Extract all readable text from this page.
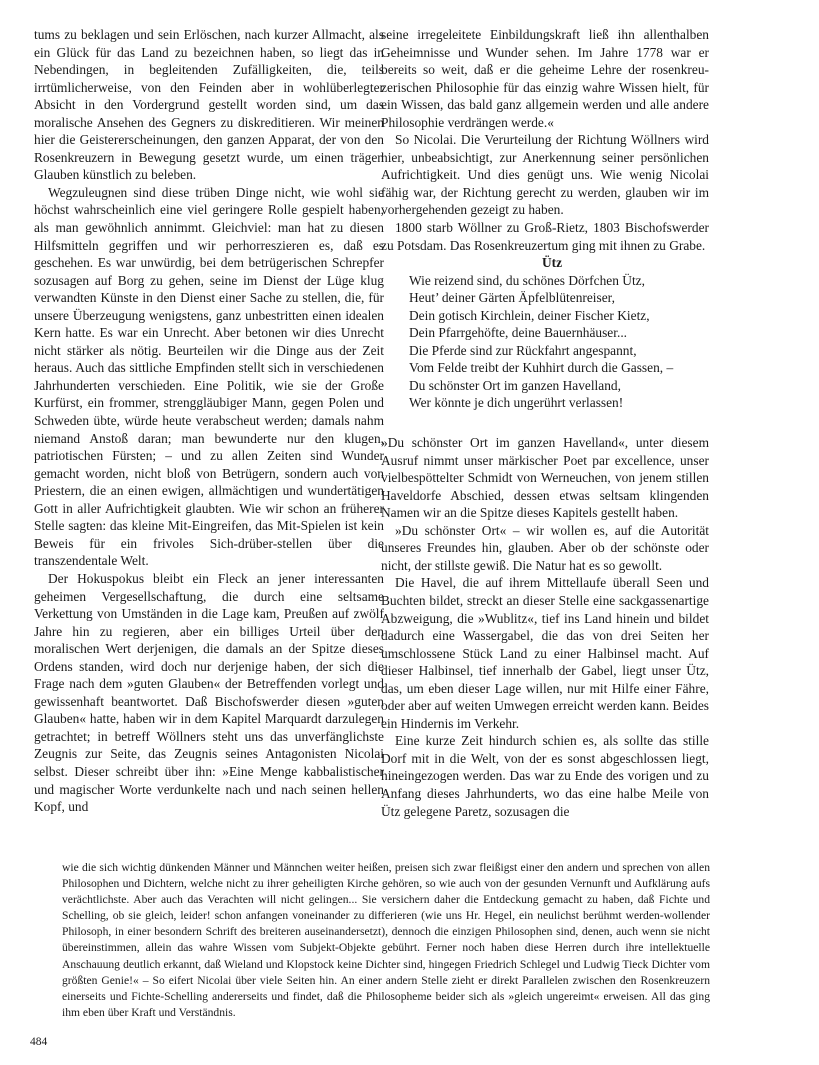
tums zu beklagen und sein Erlöschen, nach kurzer Allmacht, als ein Glück für das Land zu bezeichnen haben, so liegt das in Nebendingen, in begleitenden Zufälligkeiten, die, teils irrtümlicherweise, von den Feinden aber in wohlüberlegter Absicht in den Vordergrund gestellt worden sind, um das moralische Ansehen des Gegners zu diskreditieren. Wir meinen hier die Geistererscheinungen, den ganzen Apparat, der von den Rosenkreuzern in Bewegung gesetzt wurde, um einen trägen Glauben künstlich zu beleben.

Wegzuleugnen sind diese trüben Dinge nicht, wie wohl sie höchst wahrscheinlich eine viel geringere Rolle gespielt haben, als man gewöhnlich annimmt. Gleichviel: man hat zu diesen Hilfsmitteln gegriffen und wir perhorreszieren es, daß es geschehen. Es war unwürdig, bei dem betrügerischen Schrepfer sozusagen auf Borg zu gehen, seine im Dienst der Lüge klug verwandten Künste in den Dienst einer Sache zu stellen, die, für unsere Überzeugung wenigstens, ganz unbestritten einen idealen Kern hatte. Es war ein Unrecht. Aber betonen wir dies Unrecht nicht stärker als nötig. Beurteilen wir die Dinge aus der Zeit heraus. Auch das sittliche Empfinden stellt sich in verschiedenen Jahrhunderten verschieden. Eine Politik, wie sie der Große Kurfürst, ein frommer, strenggläubiger Mann, gegen Polen und Schweden übte, würde heute verabscheut werden; damals nahm niemand Anstoß daran; man bewunderte nur den klugen, patriotischen Fürsten; – und zu allen Zeiten sind Wunder gemacht worden, nicht bloß von Betrügern, sondern auch von Priestern, die an einen ewigen, allmächtigen und wundertätigen Gott in aller Aufrichtigkeit glaubten. Wie wir schon an früherer Stelle sagten: das kleine Mit-Eingreifen, das Mit-Spielen ist kein Beweis für ein frivoles Sich-drüber-stellen über die transzendentale Welt.

Der Hokuspokus bleibt ein Fleck an jener interessanten geheimen Vergesellschaftung, die durch eine seltsame Verkettung von Umständen in die Lage kam, Preußen auf zwölf Jahre hin zu regieren, aber ein billiges Urteil über den moralischen Wert derjenigen, die damals an der Spitze dieses Ordens standen, wird doch nur derjenige haben, der sich die Frage nach dem »guten Glauben« der Betreffenden vorlegt und gewissenhaft beantwortet. Daß Bischofswerder diesen »guten Glauben« hatte, haben wir in dem Kapitel Marquardt darzulegen getrachtet; in betreff Wöllners steht uns das unverfänglichste Zeugnis zur Seite, das Zeugnis seines Antagonisten Nicolai selbst. Dieser schreibt über ihn: »Eine Menge kabbalistischer und magischer Worte verdunkelte nach und nach seinen hellen Kopf, und

seine irregeleitete Einbildungskraft ließ ihn allenthalben Geheimnisse und Wunder sehen. Im Jahre 1778 war er bereits so weit, daß er die geheime Lehre der rosenkreuzerischen Philosophie für das einzig wahre Wissen hielt, für ein Wissen, das bald ganz allgemein werden und alle andere Philosophie verdrängen werde.«

So Nicolai. Die Verurteilung der Richtung Wöllners wird hier, unbeabsichtigt, zur Anerkennung seiner persönlichen Aufrichtigkeit. Und dies genügt uns. Wie wenig Nicolai fähig war, der Richtung gerecht zu werden, glauben wir im vorhergehenden gezeigt zu haben.

1800 starb Wöllner zu Groß-Rietz, 1803 Bischofswerder zu Potsdam. Das Rosenkreuzertum ging mit ihnen zu Grabe.

Ütz

Wie reizend sind, du schönes Dörfchen Ütz,
Heut’ deiner Gärten Äpfelblütenreiser,
Dein gotisch Kirchlein, deiner Fischer Kietz,
Dein Pfarrgehöfte, deine Bauernhäuser...
Die Pferde sind zur Rückfahrt angespannt,
Vom Felde treibt der Kuhhirt durch die Gassen, –
Du schönster Ort im ganzen Havelland,
Wer könnte je dich ungerührt verlassen!

»Du schönster Ort im ganzen Havelland«, unter diesem Ausruf nimmt unser märkischer Poet par excellence, unser vielbespöttelter Schmidt von Werneuchen, von jenem stillen Haveldorfe Abschied, dessen etwas seltsam klingenden Namen wir an die Spitze dieses Kapitels gestellt haben.

»Du schönster Ort« – wir wollen es, auf die Autorität unseres Freundes hin, glauben. Aber ob der schönste oder nicht, der stillste gewiß. Die Natur hat es so gewollt.

Die Havel, die auf ihrem Mittellaufe überall Seen und Buchten bildet, streckt an dieser Stelle eine sackgassenartige Abzweigung, die »Wublitz«, tief ins Land hinein und bildet dadurch eine Wassergabel, die das von drei Seiten her umschlossene Stück Land zu einer Halbinsel macht. Auf dieser Halbinsel, tief innerhalb der Gabel, liegt unser Ütz, das, um eben dieser Lage willen, nur mit Hilfe einer Fähre, oder aber auf weiten Umwegen erreicht werden kann. Beides ein Hindernis im Verkehr.

Eine kurze Zeit hindurch schien es, als sollte das stille Dorf mit in die Welt, von der es sonst abgeschlossen liegt, hineingezogen werden. Das war zu Ende des vorigen und zu Anfang dieses Jahrhunderts, wo das eine halbe Meile von Ütz gelegene Paretz, sozusagen die

wie die sich wichtig dünkenden Männer und Männchen weiter heißen, preisen sich zwar fleißigst einer den andern und sprechen von allen Philosophen und Dichtern, welche nicht zu ihrer geheiligten Kirche gehören, so wie auch von der gesunden Vernunft und Aufklärung aufs verächtlichste. Aber auch das Verachten will nicht gelingen... Sie versichern daher die Entdeckung gemacht zu haben, daß Fichte und Schelling, ob sie gleich, leider! schon anfangen voneinander zu differieren (wie uns Hr. Hegel, ein neulichst berühmt werden-wollender Philosoph, in einer besondern Schrift des breiteren auseinandersetzt), dennoch die einzigen Philosophen sind, denen, auch wenn sie nicht übereinstimmen, allein das wahre Wissen vom Subjekt-Objekte gebührt. Ferner noch haben diese Herren durch ihre intellektuelle Anschauung deutlich erkannt, daß Wieland und Klopstock keine Dichter sind, hingegen Friedrich Schlegel und Ludwig Tieck Dichter vom größten Genie!« – So eifert Nicolai über viele Seiten hin. An einer andern Stelle zieht er direkt Parallelen zwischen den Rosenkreuzern einerseits und Fichte-Schelling andererseits und findet, daß die Philosopheme beider sich als »gleich ungereimt« erweisen. All das ging ihm eben über Kraft und Verständnis.

484
